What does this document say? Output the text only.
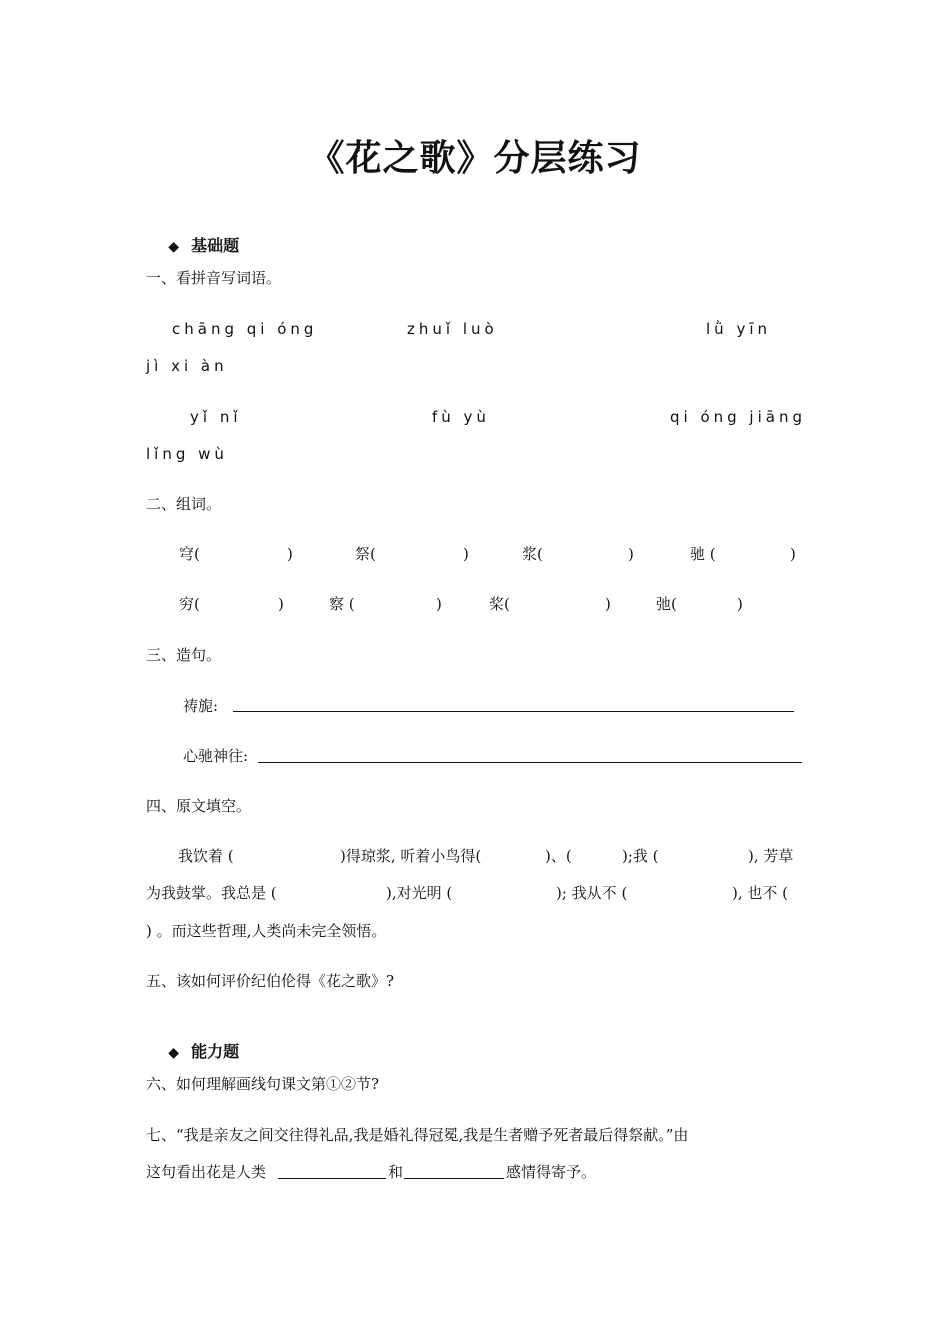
《花之歌》分层练习

◆ 基础题

一、看拼音写词语。
chāng qi óng	zhuǐ luò	lǜ yīn
jì xi àn
yǐ nǐ	fù yù	qi óng jiāng
lǐng wù
二、组词。
穹(	)	祭(	)	浆(	)	驰 (	)
穷(	)	察 (	)	桨(	)	弛(	)
三、造句。
祷旎:
心驰神往:
四、原文填空。
我饮着 (	)得琼浆, 听着小鸟得(	)、(	);我 (	), 芳草
为我鼓掌。我总是 (	),对光明 (	); 我从不 (	), 也不 (
) 。而这些哲理,人类尚未完全领悟。
五、该如何评价纪伯伦得《花之歌》?

◆ 能力题

六、如何理解画线句课文第①②节?
七、“我是亲友之间交往得礼品,我是婚礼得冠冕,我是生者赠予死者最后得祭献。”由
这句看出花是人类	和	感情得寄予。
